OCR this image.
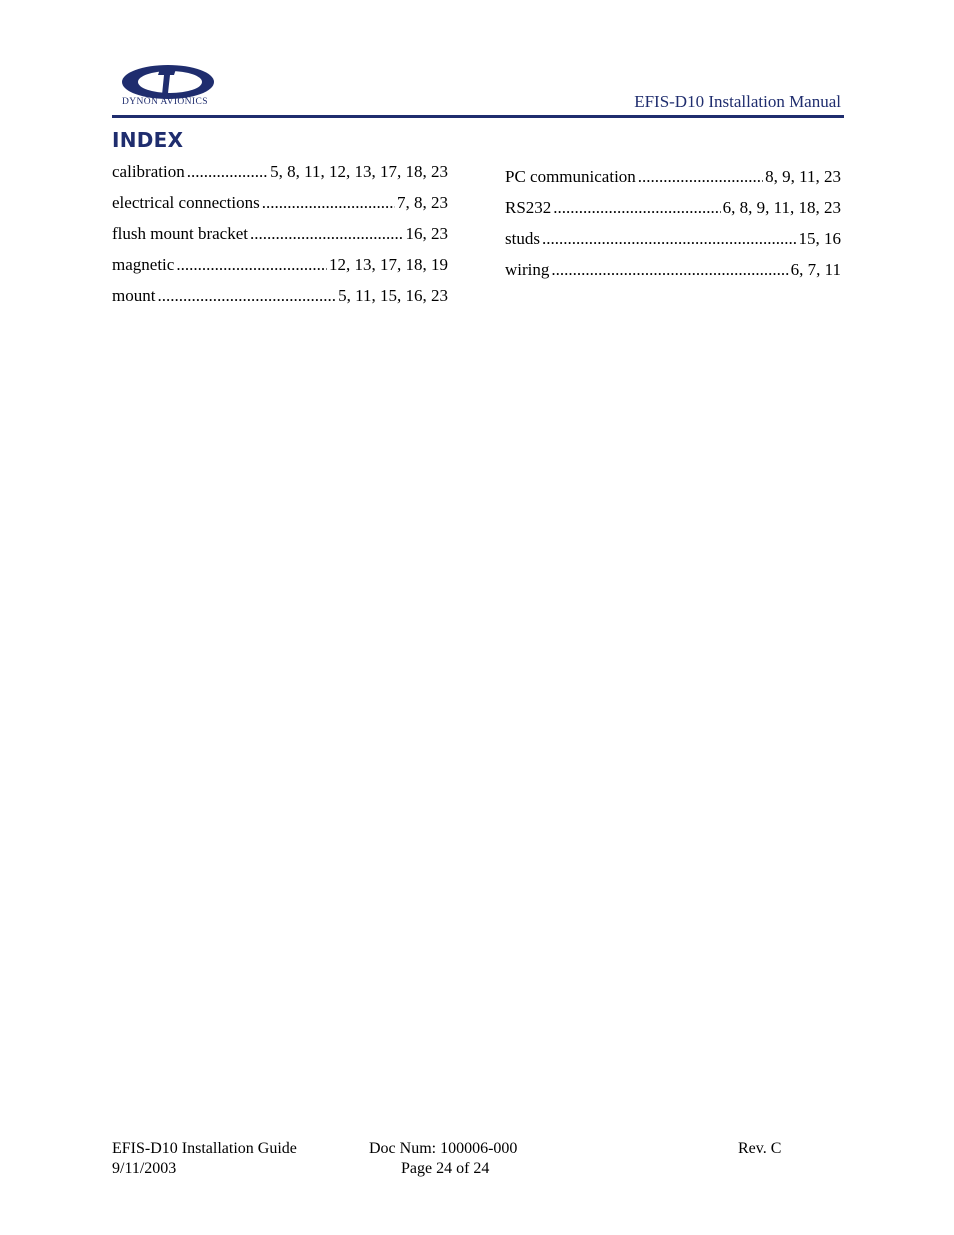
DYNON AVIONICS	EFIS-D10 Installation Manual
INDEX
calibration .....	5, 8, 11, 12, 13, 17, 18, 23
electrical connections .....	7, 8, 23
flush mount bracket .....	16, 23
magnetic .....	12, 13, 17, 18, 19
mount .....	5, 11, 15, 16, 23
PC communication .....	8, 9, 11, 23
RS232 .....	6, 8, 9, 11, 18, 23
studs .....	15, 16
wiring .....	6, 7, 11
EFIS-D10 Installation Guide
9/11/2003
Doc Num: 100006-000
Page 24 of 24
Rev. C
